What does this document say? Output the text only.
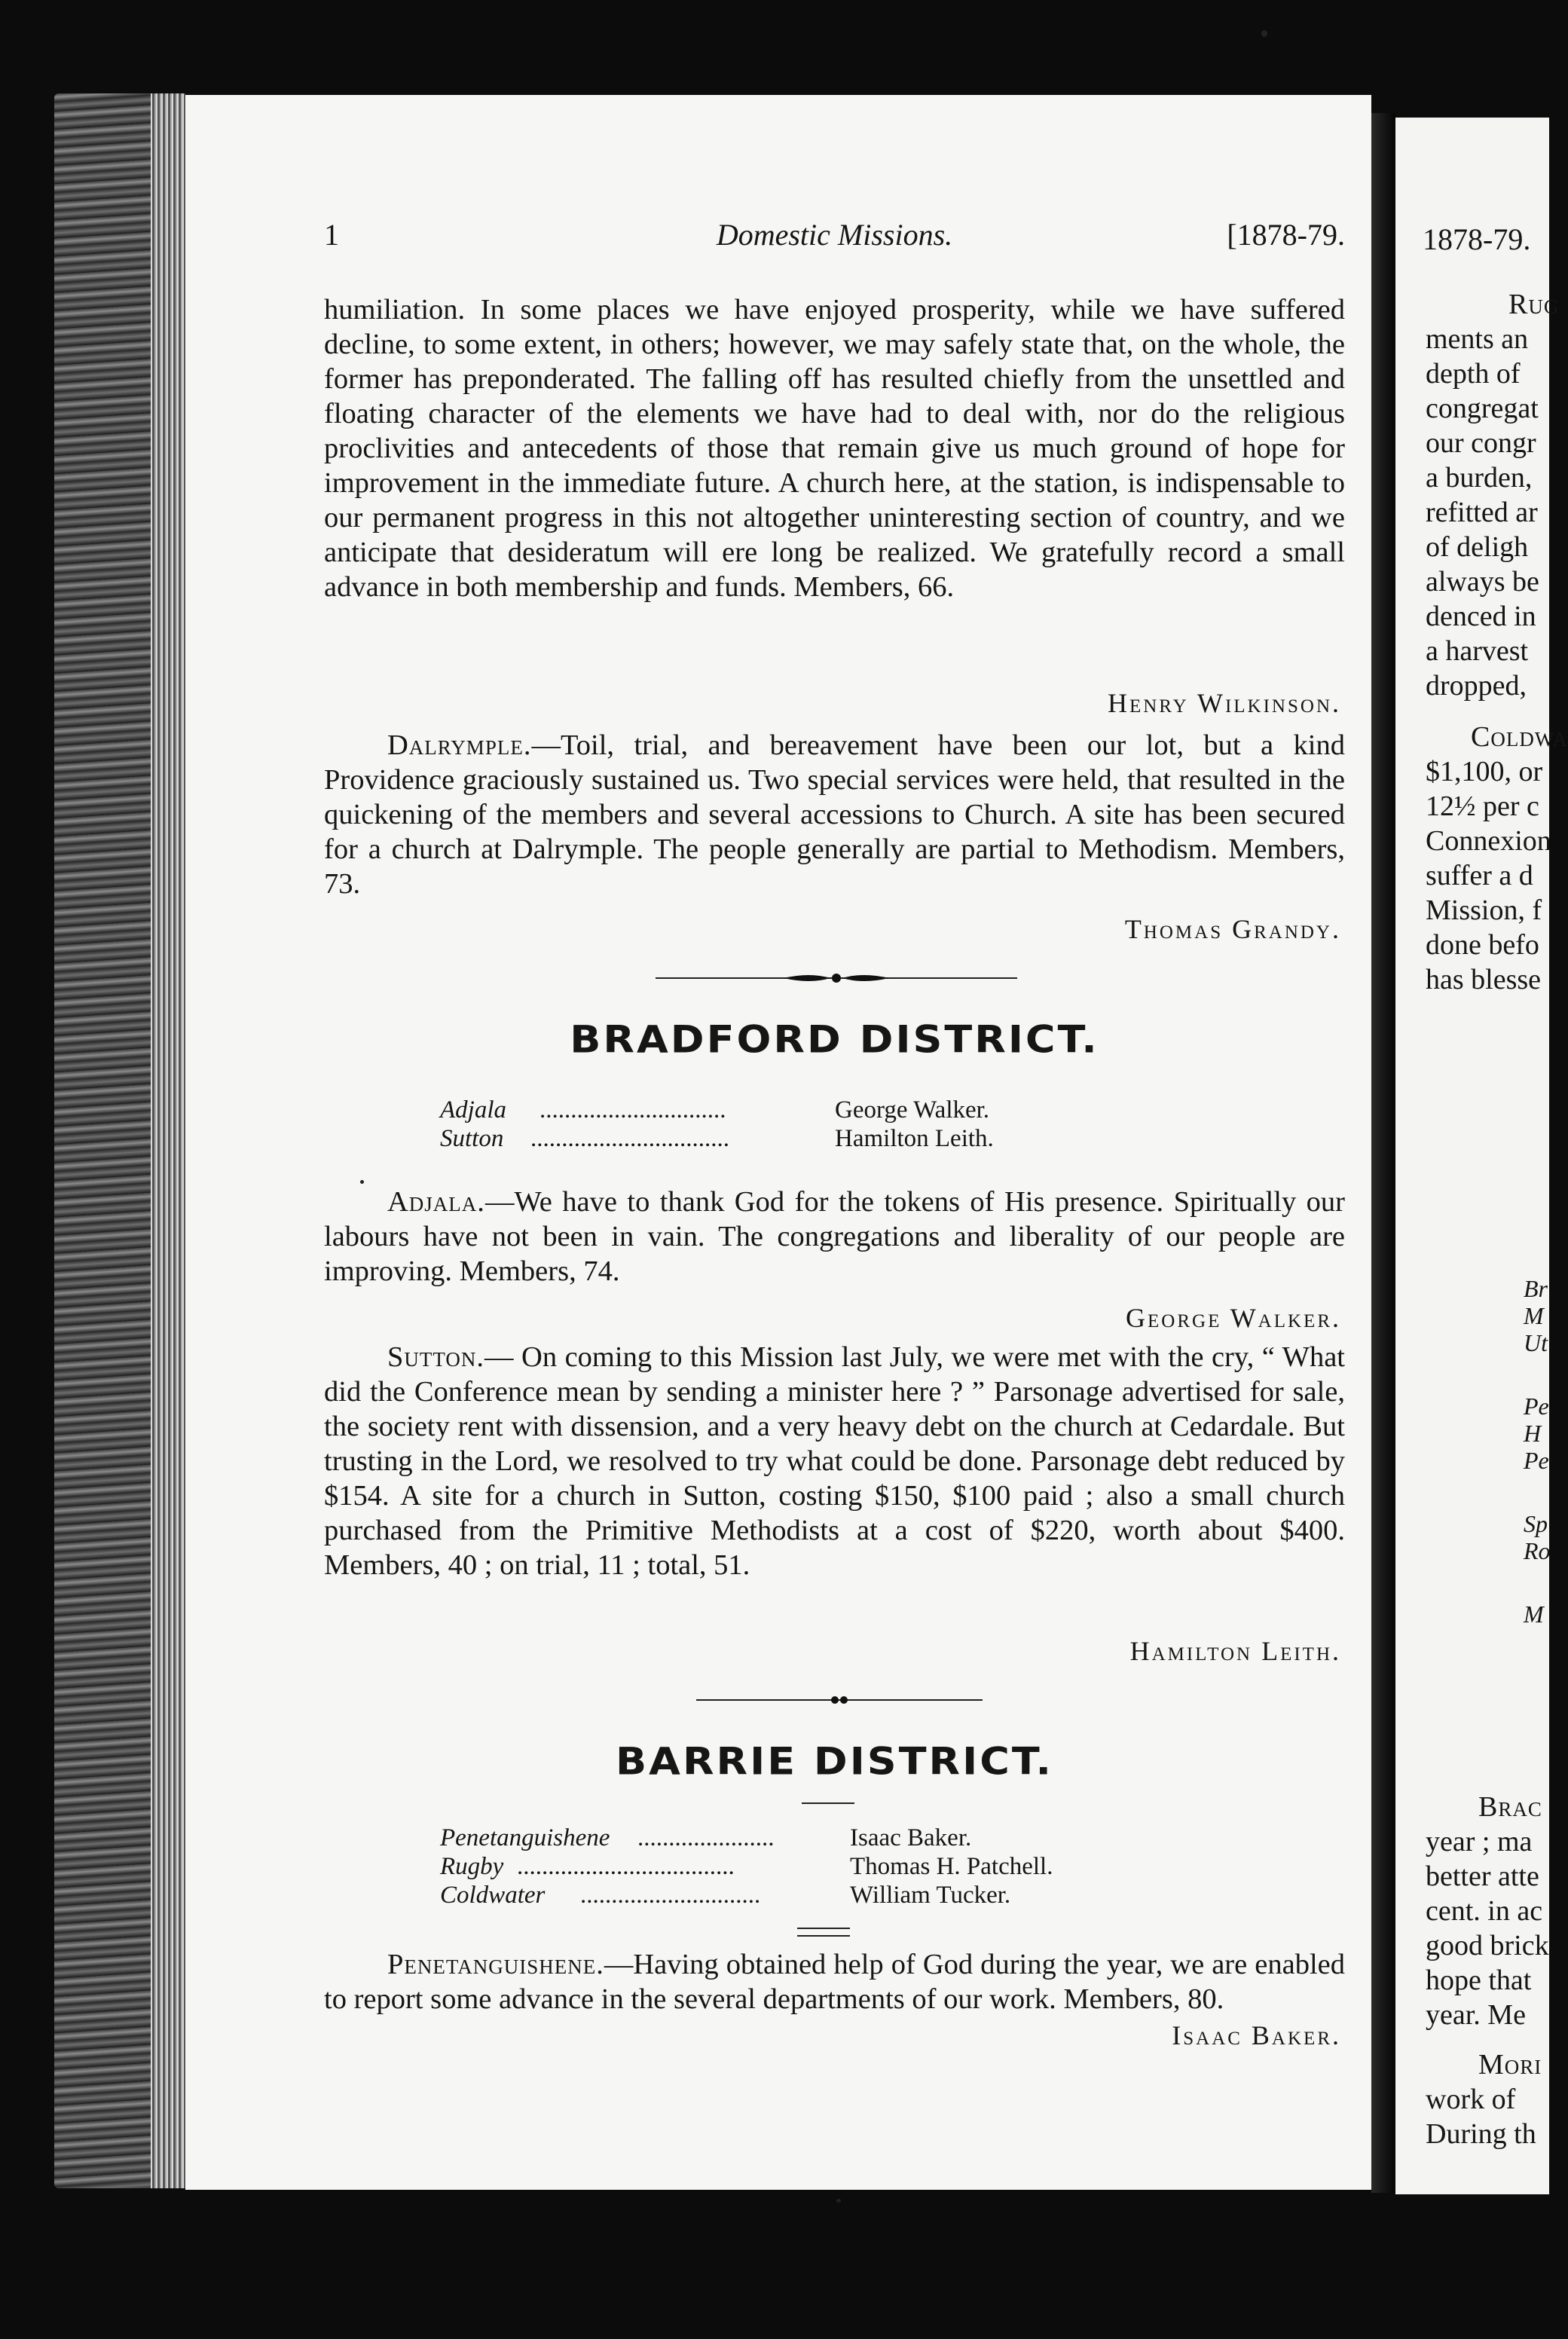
1878-79.
Rug
ments an
depth of
congregat
our congr
a burden,
refitted ar
of deligh
always be
denced in
a harvest
dropped,
Coldwa
$1,100, or
12½ per c
Connexion
suffer a d
Mission, f
done befo
has blesse
Br
M
Ut
Pe
H
Pe
Sp
Ro
M
Brac
year ; ma
better atte
cent. in ac
good brick
hope that
year. Me
Mori
work of
During th
1	Domestic Missions.	[1878-79.

humiliation. In some places we have enjoyed prosperity, while we have suffered decline, to some extent, in others; however, we may safely state that, on the whole, the former has preponderated. The falling off has resulted chiefly from the unsettled and floating character of the elements we have had to deal with, nor do the religious proclivities and antecedents of those that remain give us much ground of hope for improvement in the immediate future. A church here, at the station, is indispensable to our permanent progress in this not altogether uninteresting section of country, and we anticipate that desideratum will ere long be realized. We gratefully record a small advance in both membership and funds. Members, 66.

Henry Wilkinson.

Dalrymple.—Toil, trial, and bereavement have been our lot, but a kind Providence graciously sustained us. Two special services were held, that resulted in the quickening of the members and several accessions to Church. A site has been secured for a church at Dalrymple. The people generally are partial to Methodism. Members, 73.

Thomas Grandy.
BRADFORD DISTRICT.
Adjala ..............................	George Walker.
Sutton ................................	Hamilton Leith.

Adjala.—We have to thank God for the tokens of His presence. Spiritually our labours have not been in vain. The congregations and liberality of our people are improving. Members, 74.

George Walker.

Sutton.— On coming to this Mission last July, we were met with the cry, “ What did the Conference mean by sending a minister here ? ” Parsonage advertised for sale, the society rent with dissension, and a very heavy debt on the church at Cedardale. But trusting in the Lord, we resolved to try what could be done. Parsonage debt reduced by $154. A site for a church in Sutton, costing $150, $100 paid ; also a small church purchased from the Primitive Methodists at a cost of $220, worth about $400. Members, 40 ; on trial, 11 ; total, 51.

Hamilton Leith.
BARRIE DISTRICT.
Penetanguishene ......................	Isaac Baker.
Rugby ...................................	Thomas H. Patchell.
Coldwater .............................	William Tucker.

Penetanguishene.—Having obtained help of God during the year, we are enabled to report some advance in the several departments of our work. Members, 80.

Isaac Baker.
